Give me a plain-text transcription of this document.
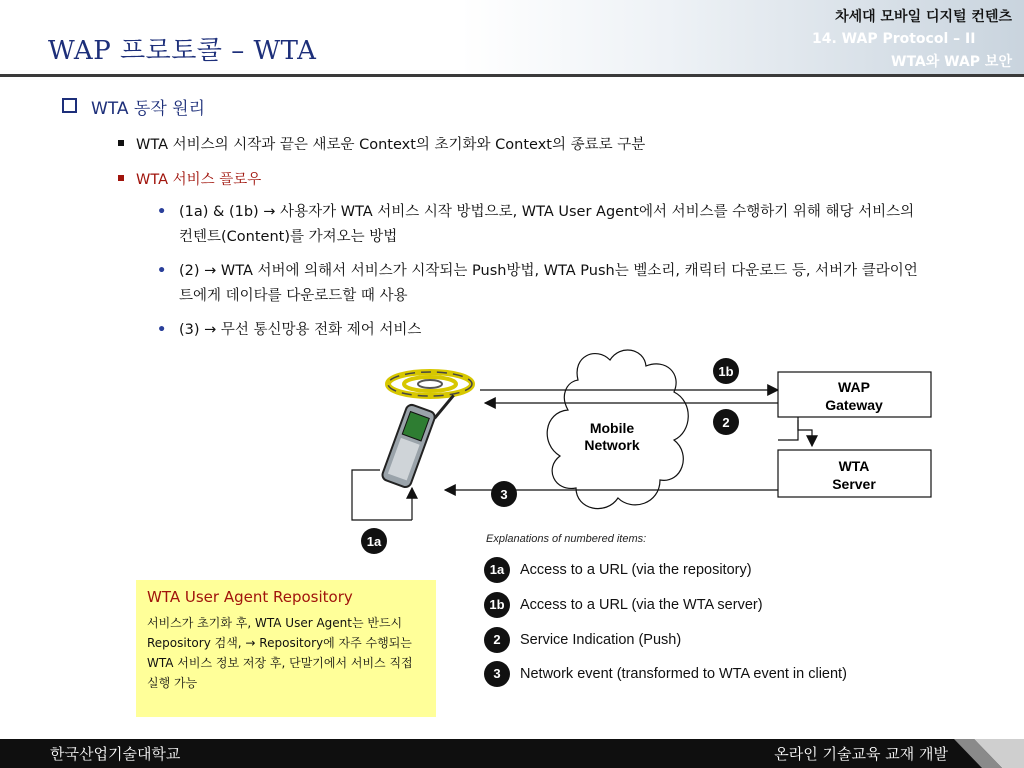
WAP 프로토콜 – WTA
차세대 모바일 디지털 컨텐츠
14. WAP Protocol – II
WTA와 WAP 보안
WTA 동작 원리
WTA 서비스의 시작과 끝은 새로운 Context의 초기화와 Context의 종료로 구분
WTA 서비스 플로우
• (1a) & (1b) → 사용자가 WTA 서비스 시작 방법으로, WTA User Agent에서 서비스를 수행하기 위해 해당 서비스의 컨텐트(Content)를 가져오는 방법
• (2) → WTA 서버에 의해서 서비스가 시작되는 Push방법, WTA Push는 벨소리, 캐릭터 다운로드 등, 서버가 클라이언트에게 데이타를 다운로드할 때 사용
• (3) → 무선 통신망용 전화 제어 서비스
Mobile
Network
WAP
Gateway
WTA
Server
1b
2
3
1a	Explanations of numbered items:
1a Access to a URL (via the repository)
1b Access to a URL (via the WTA server)
2 Service Indication (Push)
3 Network event (transformed to WTA event in client)
WTA User Agent Repository
서비스가 초기화 후, WTA User Agent는 반드시 Repository 검색, → Repository에 자주 수행되는 WTA 서비스 정보 저장 후, 단말기에서 서비스 직접 실행 가능
한국산업기술대학교	온라인 기술교육 교재 개발
